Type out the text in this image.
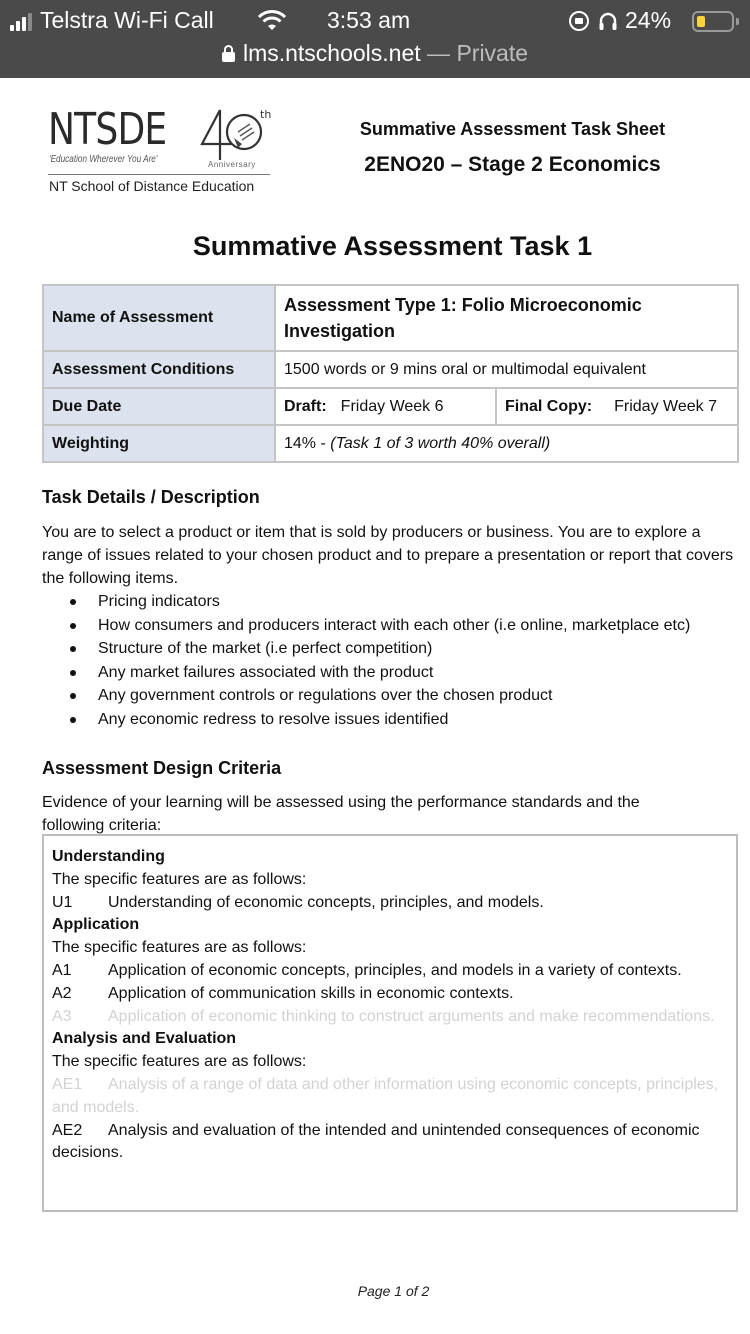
Telstra Wi-Fi Call	3:53 am	24%
lms.ntschools.net — Private
NTSDE	th
'Education Wherever You Are'	Anniversary
NT School of Distance Education
Summative Assessment Task Sheet
2ENO20 – Stage 2 Economics
Summative Assessment Task 1
Name of Assessment	Assessment Type 1: Folio Microeconomic Investigation	

Assessment Conditions	1500 words or 9 mins oral or multimodal equivalent	
Due Date	Draft: Friday Week 6	Final Copy: Friday Week 7
Weighting	14% - (Task 1 of 3 worth 40% overall)	
Task Details / Description
You are to select a product or item that is sold by producers or business. You are to explore a range of issues related to your chosen product and to prepare a presentation or report that covers the following items.
Pricing indicators
How consumers and producers interact with each other (i.e online, marketplace etc)
Structure of the market (i.e perfect competition)
Any market failures associated with the product
Any government controls or regulations over the chosen product
Any economic redress to resolve issues identified
Assessment Design Criteria
Evidence of your learning will be assessed using the performance standards and the following criteria:
Understanding
The specific features are as follows:
U1 Understanding of economic concepts, principles, and models.
Application
The specific features are as follows:
A1 Application of economic concepts, principles, and models in a variety of contexts.
A2 Application of communication skills in economic contexts.
A3 Application of economic thinking to construct arguments and make recommendations.
Analysis and Evaluation
The specific features are as follows:
AE1 Analysis of a range of data and other information using economic concepts, principles, and models.
AE2 Analysis and evaluation of the intended and unintended consequences of economic decisions.
Page 1 of 2
